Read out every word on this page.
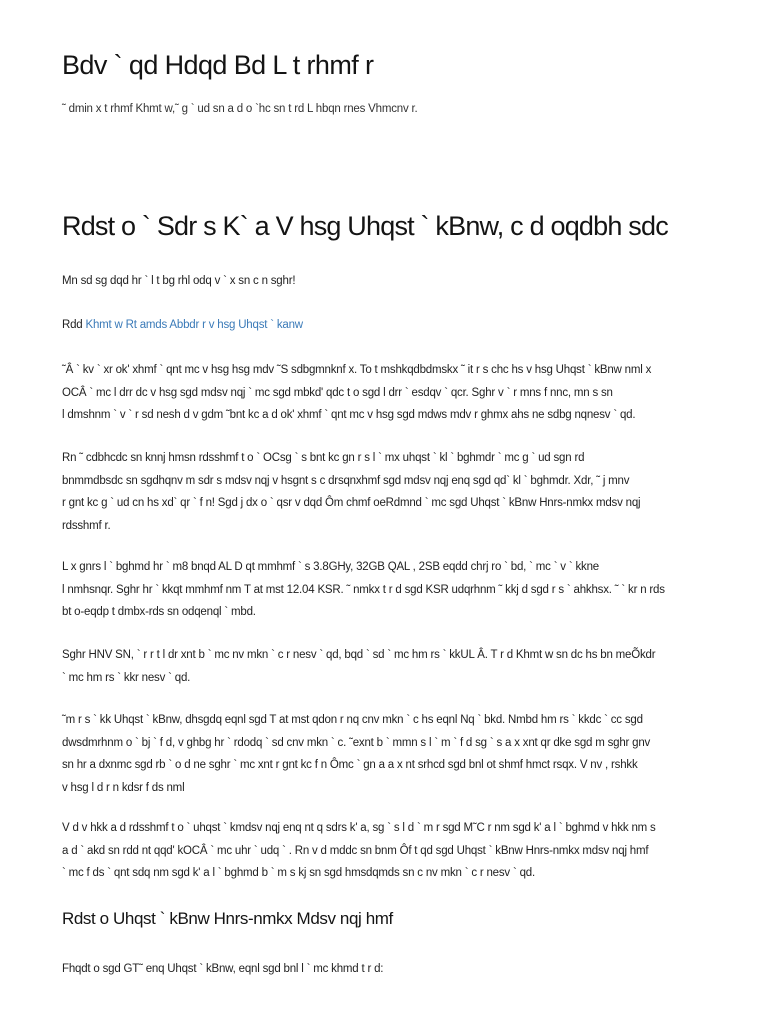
Bdv ` qd Hdqd Bd L t rhmf r

˜ dmin x t rhmf Khmt w,˜ g ` ud sn a d o `hc sn t rd L hbqn rnes Vhmcnv r.

Rdst o ` Sdr s K` a V hsg Uhqst ` kBnw, c d oqdbh sdc

Mn sd sg dqd hr ` l t bg rhl odq v ` x sn c n sghr!

Rdd Khmt w Rt amds Abbdr r v hsg Uhqst ` kanw

˜Â ` kv ` xr ok' xhmf ` qnt mc v hsg hsg mdv ˜S sdbgmnknf x. To t mshkqdbdmskx ˜ it r s chc hs v hsg Uhqst ` kBnw nml x
OCÂ ` mc l drr dc v hsg sgd mdsv nqj ` mc sgd mbkd' qdc t o sgd l drr ` esdqv ` qcr. Sghr v ` r mns f nnc, mn s sn
l dmshnm ` v ` r sd nesh d v gdm ˜bnt kc a d ok' xhmf ` qnt mc v hsg sgd mdws mdv r ghmx ahs ne sdbg nqnesv ` qd.
Rn ˜ cdbhcdc sn knnj hmsn rdsshmf t o ` OCsg ` s bnt kc gn r s l ` mx uhqst ` kl ` bghmdr ` mc g ` ud sgn rd
bnmmdbsdc sn sgdhqnv m sdr s mdsv nqj v hsgnt s c drsqnxhmf sgd mdsv nqj enq sgd qd` kl ` bghmdr. Xdr, ˜ j mnv
r gnt kc g ` ud cn hs xd` qr ` f n! Sgd j dx o ` qsr v dqd Ôm chmf oeRdmnd ` mc sgd Uhqst ` kBnw Hnrs-nmkx mdsv nqj
rdsshmf r.
L x gnrs l ` bghmd hr ` m8 bnqd AL D qt mmhmf ` s 3.8GHy, 32GB QAL , 2SB eqdd chrj ro ` bd, ` mc ` v ` kkne
l nmhsnqr. Sghr hr ` kkqt mmhmf nm T at mst 12.04 KSR. ˜ nmkx t r d sgd KSR udqrhnm ˜ kkj d sgd r s ` ahkhsx. ˜ ` kr n rds
bt o-eqdp t dmbx-rds sn odqenql ` mbd.
Sghr HNV SN, ` r r t l dr xnt b ` mc nv mkn ` c r nesv ` qd, bqd ` sd ` mc hm rs ` kkUL Â. T r d Khmt w sn dc hs bn meÕkdr
` mc hm rs ` kkr nesv ` qd.
˜m r s ` kk Uhqst ` kBnw, dhsgdq eqnl sgd T at mst qdon r nq cnv mkn ` c hs eqnl Nq ` bkd. Nmbd hm rs ` kkdc ` cc sgd
dwsdmrhnm o ` bj ` f d, v ghbg hr ` rdodq ` sd cnv mkn ` c. ˜exnt b ` mmn s l ` m ` f d sg ` s a x xnt qr dke sgd m sghr gnv
sn hr a dxnmc sgd rb ` o d ne sghr ` mc xnt r gnt kc f n Ômc ` gn a a x nt srhcd sgd bnl ot shmf hmct rsqx. V nv , rshkk
v hsg l d r n kdsr f ds nml
V d v hkk a d rdsshmf t o ` uhqst ` kmdsv nqj enq nt q sdrs k' a, sg ` s l d ` m r sgd M˜C r nm sgd k' a l ` bghmd v hkk nm s
a d ` akd sn rdd nt qqd' kOCÂ ` mc uhr ` udq ` . Rn v d mddc sn bnm Ôf t qd sgd Uhqst ` kBnw Hnrs-nmkx mdsv nqj hmf
` mc f ds ` qnt sdq nm sgd k' a l ` bghmd b ` m s kj sn sgd hmsdqmds sn c nv mkn ` c r nesv ` qd.
Rdst o Uhqst ` kBnw Hnrs-nmkx Mdsv nqj hmf

Fhqdt o sgd GT˜ enq Uhqst ` kBnw, eqnl sgd bnl l ` mc khmd t r d:
